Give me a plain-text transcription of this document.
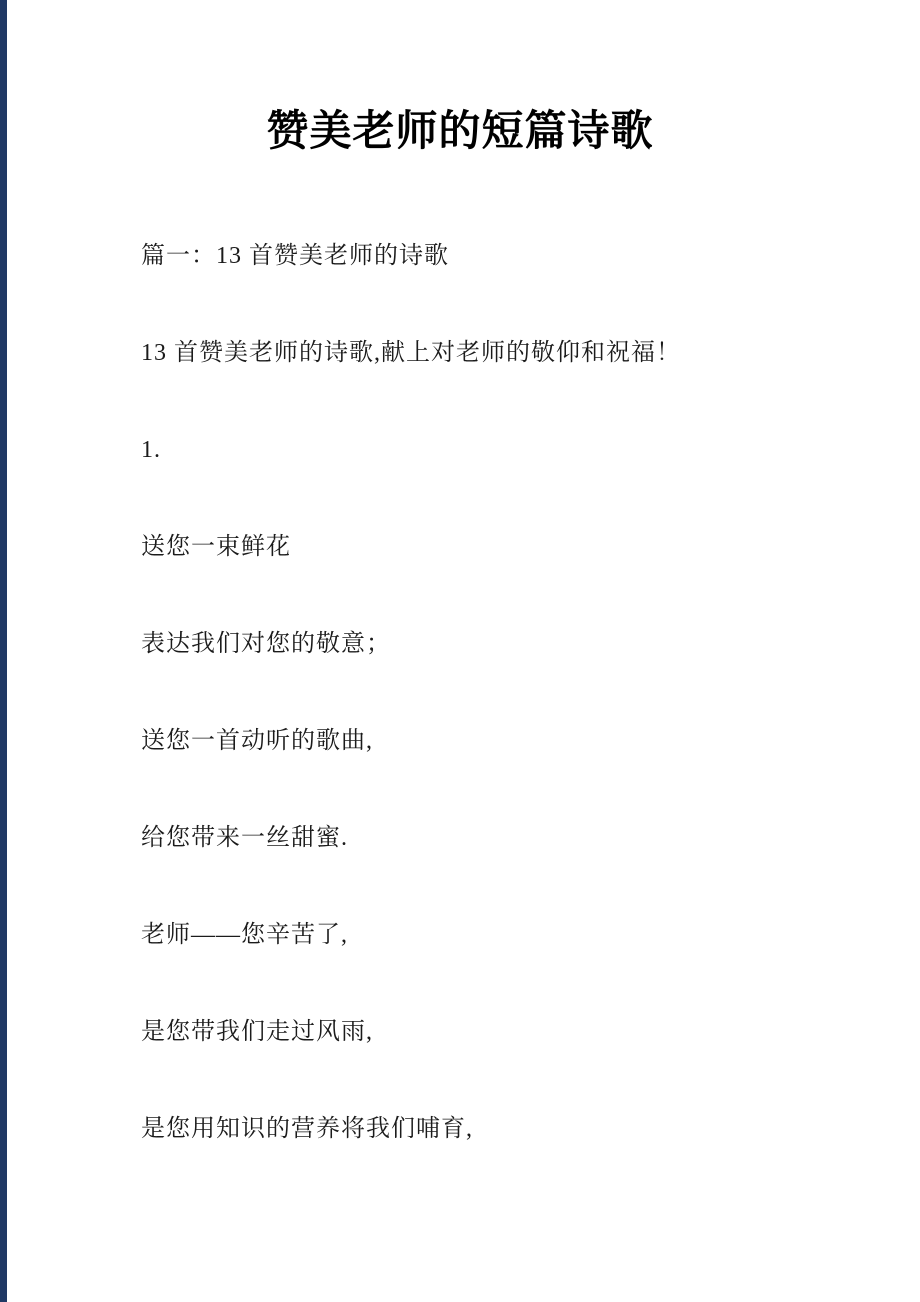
赞美老师的短篇诗歌

篇一：13 首赞美老师的诗歌

13 首赞美老师的诗歌,献上对老师的敬仰和祝福！

1.

送您一束鲜花

表达我们对您的敬意；

送您一首动听的歌曲,

给您带来一丝甜蜜.

老师——您辛苦了,

是您带我们走过风雨,

是您用知识的营养将我们哺育,
